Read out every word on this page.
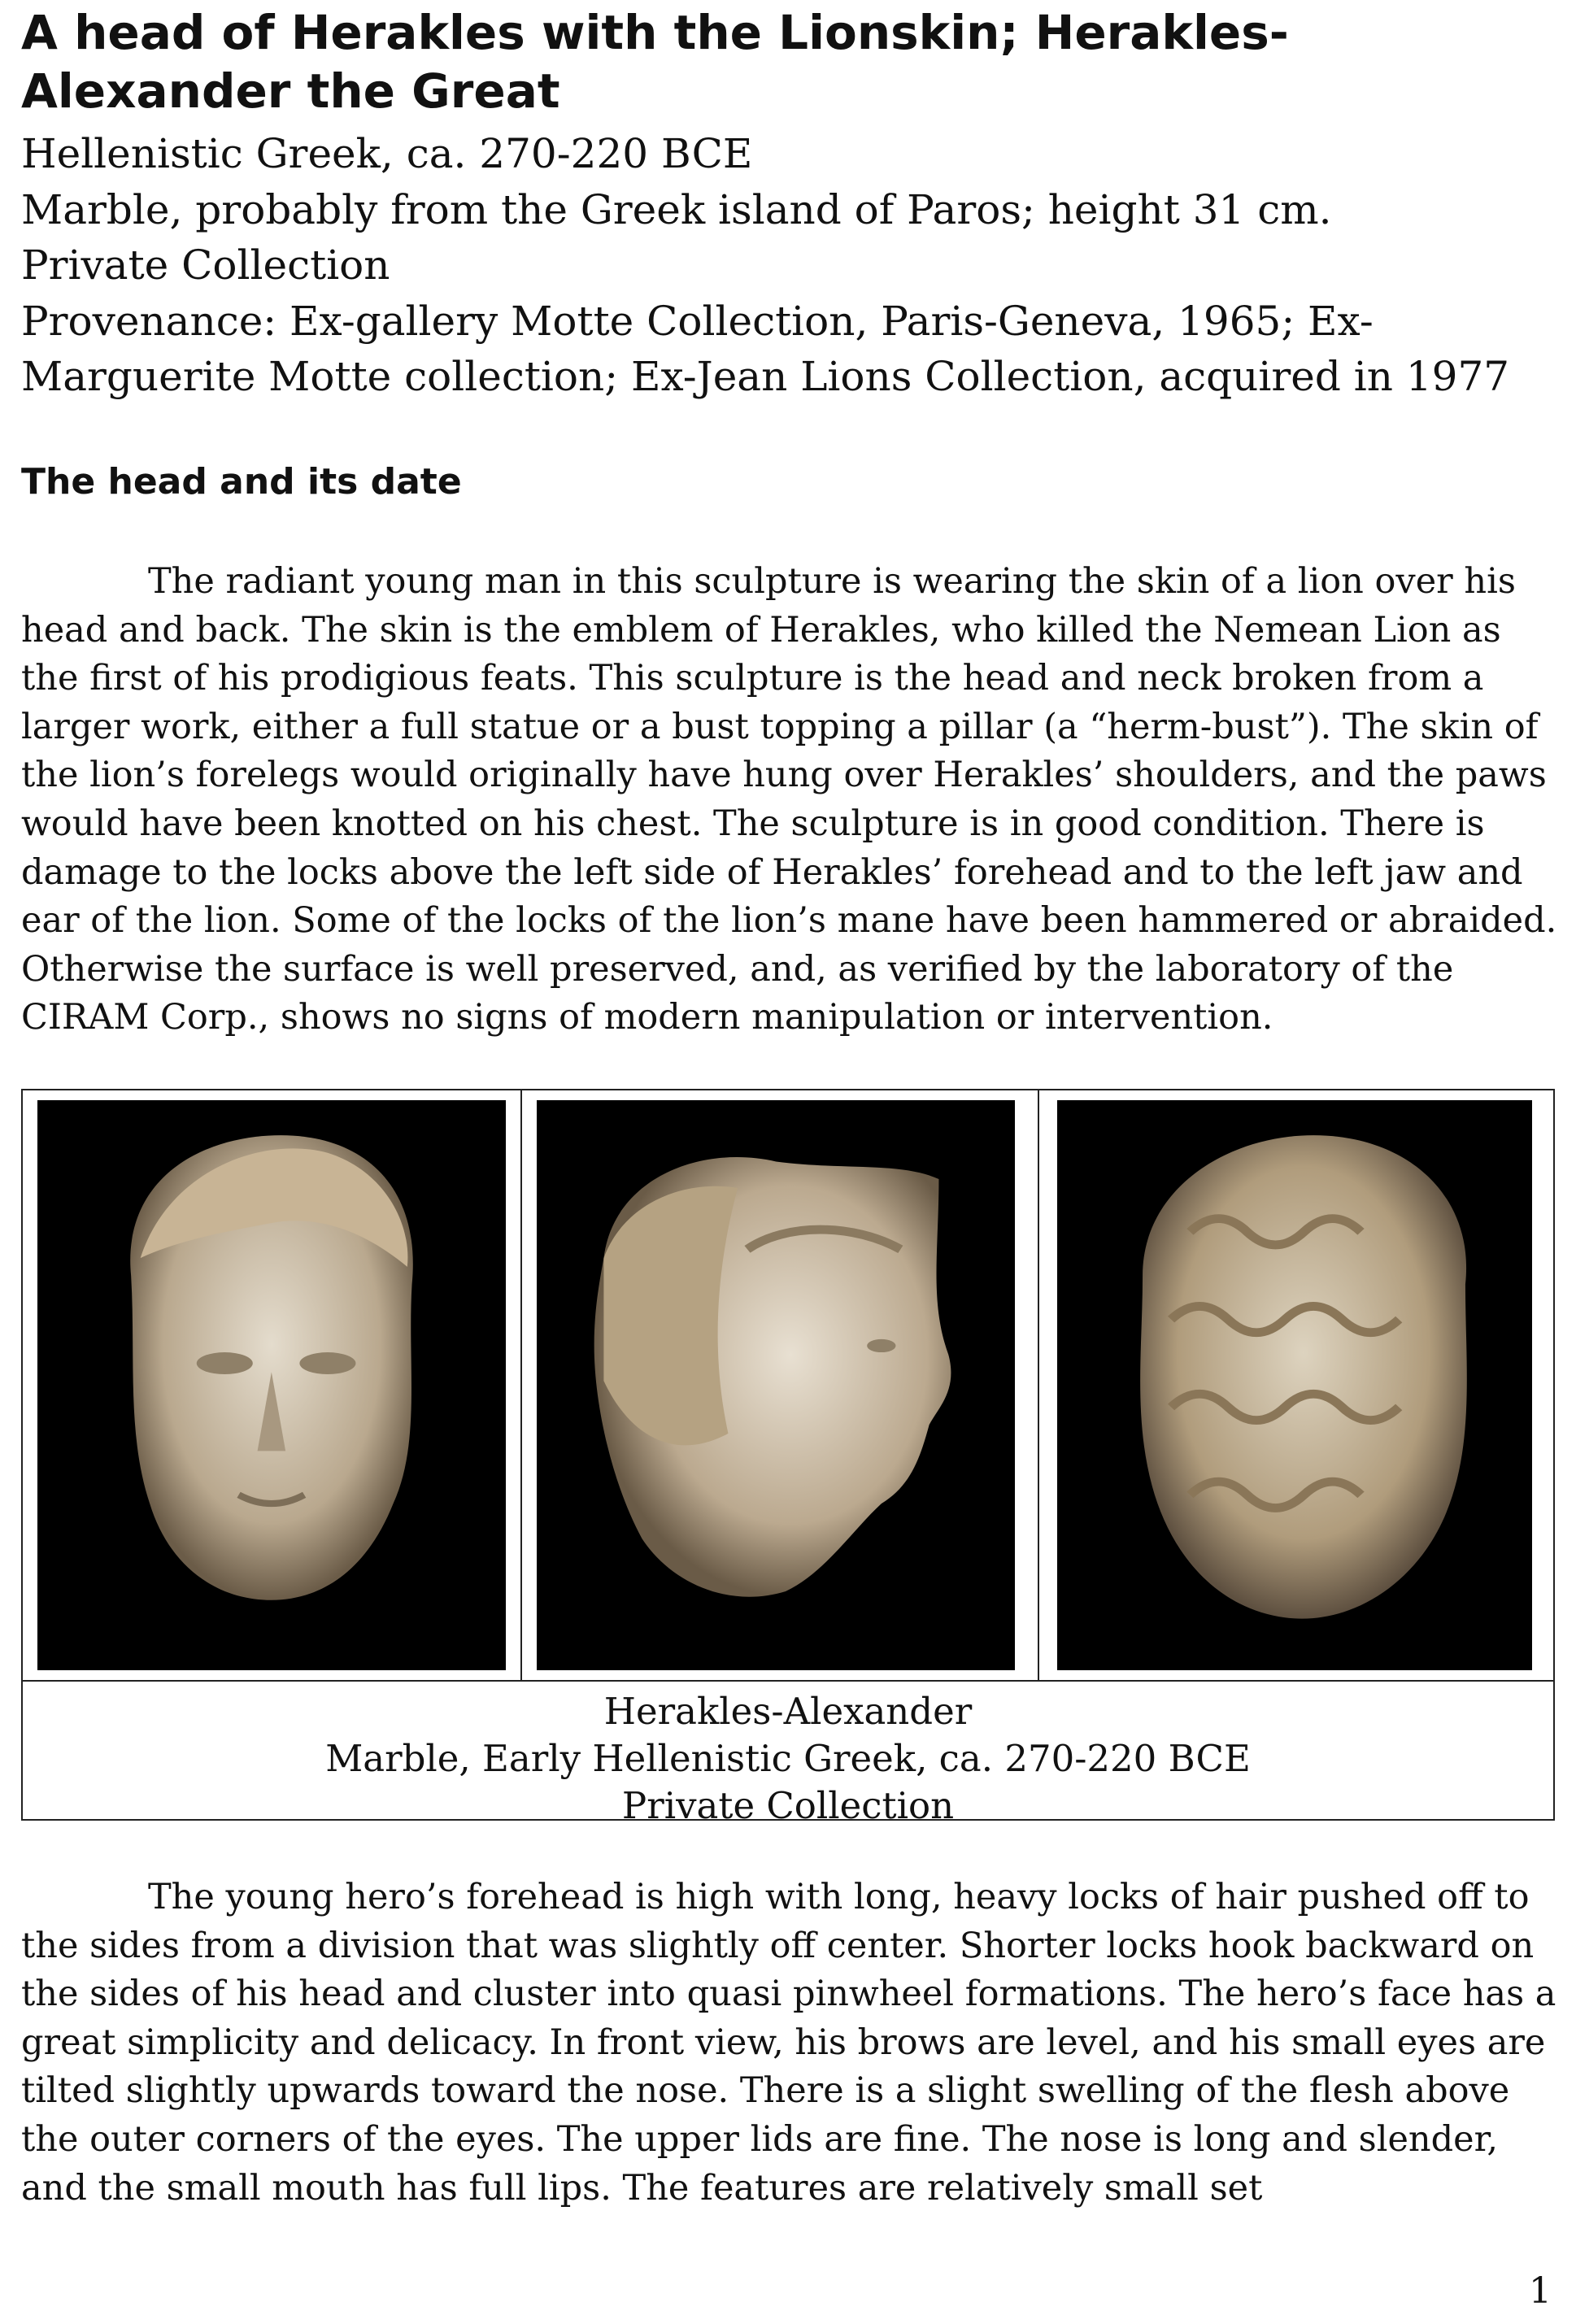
A head of Herakles with the Lionskin; Herakles-Alexander the Great
Hellenistic Greek, ca. 270-220 BCE
Marble, probably from the Greek island of Paros; height 31 cm.
Private Collection
Provenance: Ex-gallery Motte Collection, Paris-Geneva, 1965; Ex-
Marguerite Motte collection; Ex-Jean Lions Collection, acquired in 1977
The head and its date

The radiant young man in this sculpture is wearing the skin of a lion over his head and back. The skin is the emblem of Herakles, who killed the Nemean Lion as the first of his prodigious feats. This sculpture is the head and neck broken from a larger work, either a full statue or a bust topping a pillar (a “herm-bust”). The skin of the lion’s forelegs would originally have hung over Herakles’ shoulders, and the paws would have been knotted on his chest. The sculpture is in good condition. There is damage to the locks above the left side of Herakles’ forehead and to the left jaw and ear of the lion. Some of the locks of the lion’s mane have been hammered or abraided. Otherwise the surface is well preserved, and, as verified by the laboratory of the CIRAM Corp., shows no signs of modern manipulation or intervention.

Herakles-Alexander
Marble, Early Hellenistic Greek, ca. 270-220 BCE
Private Collection

The young hero’s forehead is high with long, heavy locks of hair pushed off to the sides from a division that was slightly off center. Shorter locks hook backward on the sides of his head and cluster into quasi pinwheel formations. The hero’s face has a great simplicity and delicacy. In front view, his brows are level, and his small eyes are tilted slightly upwards toward the nose. There is a slight swelling of the flesh above the outer corners of the eyes. The upper lids are fine. The nose is long and slender, and the small mouth has full lips. The features are relatively small set

1
